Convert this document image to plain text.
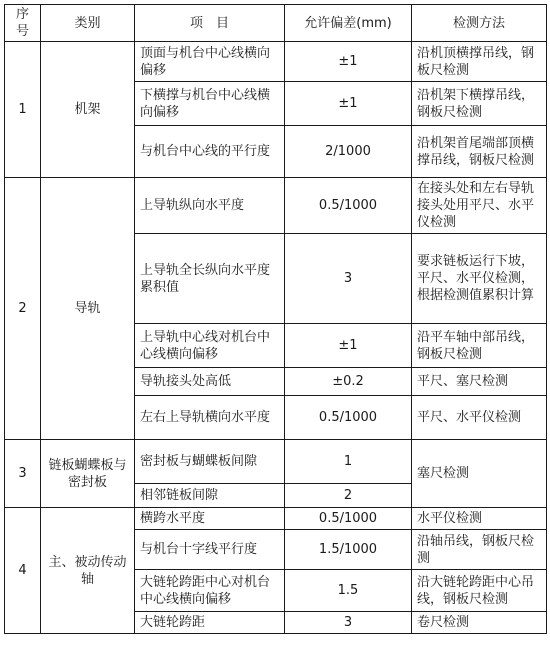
序号	类别	项　目	允许偏差(mm)	检测方法
1	机架	顶面与机台中心线横向偏移	±1	沿机顶横撑吊线，钢板尺检测
		下横撑与机台中心线横向偏移	±1	沿机架下横撑吊线，钢板尺检测
		与机台中心线的平行度	2/1000	沿机架首尾端部顶横撑吊线，钢板尺检测
2	导轨	上导轨纵向水平度	0.5/1000	在接头处和左右导轨接头处用平尺、水平仪检测
		上导轨全长纵向水平度累积值	3	要求链板运行下坡，平尺、水平仪检测，根据检测值累积计算
		上导轨中心线对机台中心线横向偏移	±1	沿平车轴中部吊线，钢板尺检测
		导轨接头处高低	±0.2	平尺、塞尺检测
		左右上导轨横向水平度	0.5/1000	平尺、水平仪检测
3	链板蝴蝶板与密封板	密封板与蝴蝶板间隙	1	塞尺检测
		相邻链板间隙	2	
4	主、被动传动轴	横跨水平度	0.5/1000	水平仪检测
		与机台十字线平行度	1.5/1000	沿轴吊线，钢板尺检测
		大链轮跨距中心对机台中心线横向偏移	1.5	沿大链轮跨距中心吊线，钢板尺检测
		大链轮跨距	3	卷尺检测
